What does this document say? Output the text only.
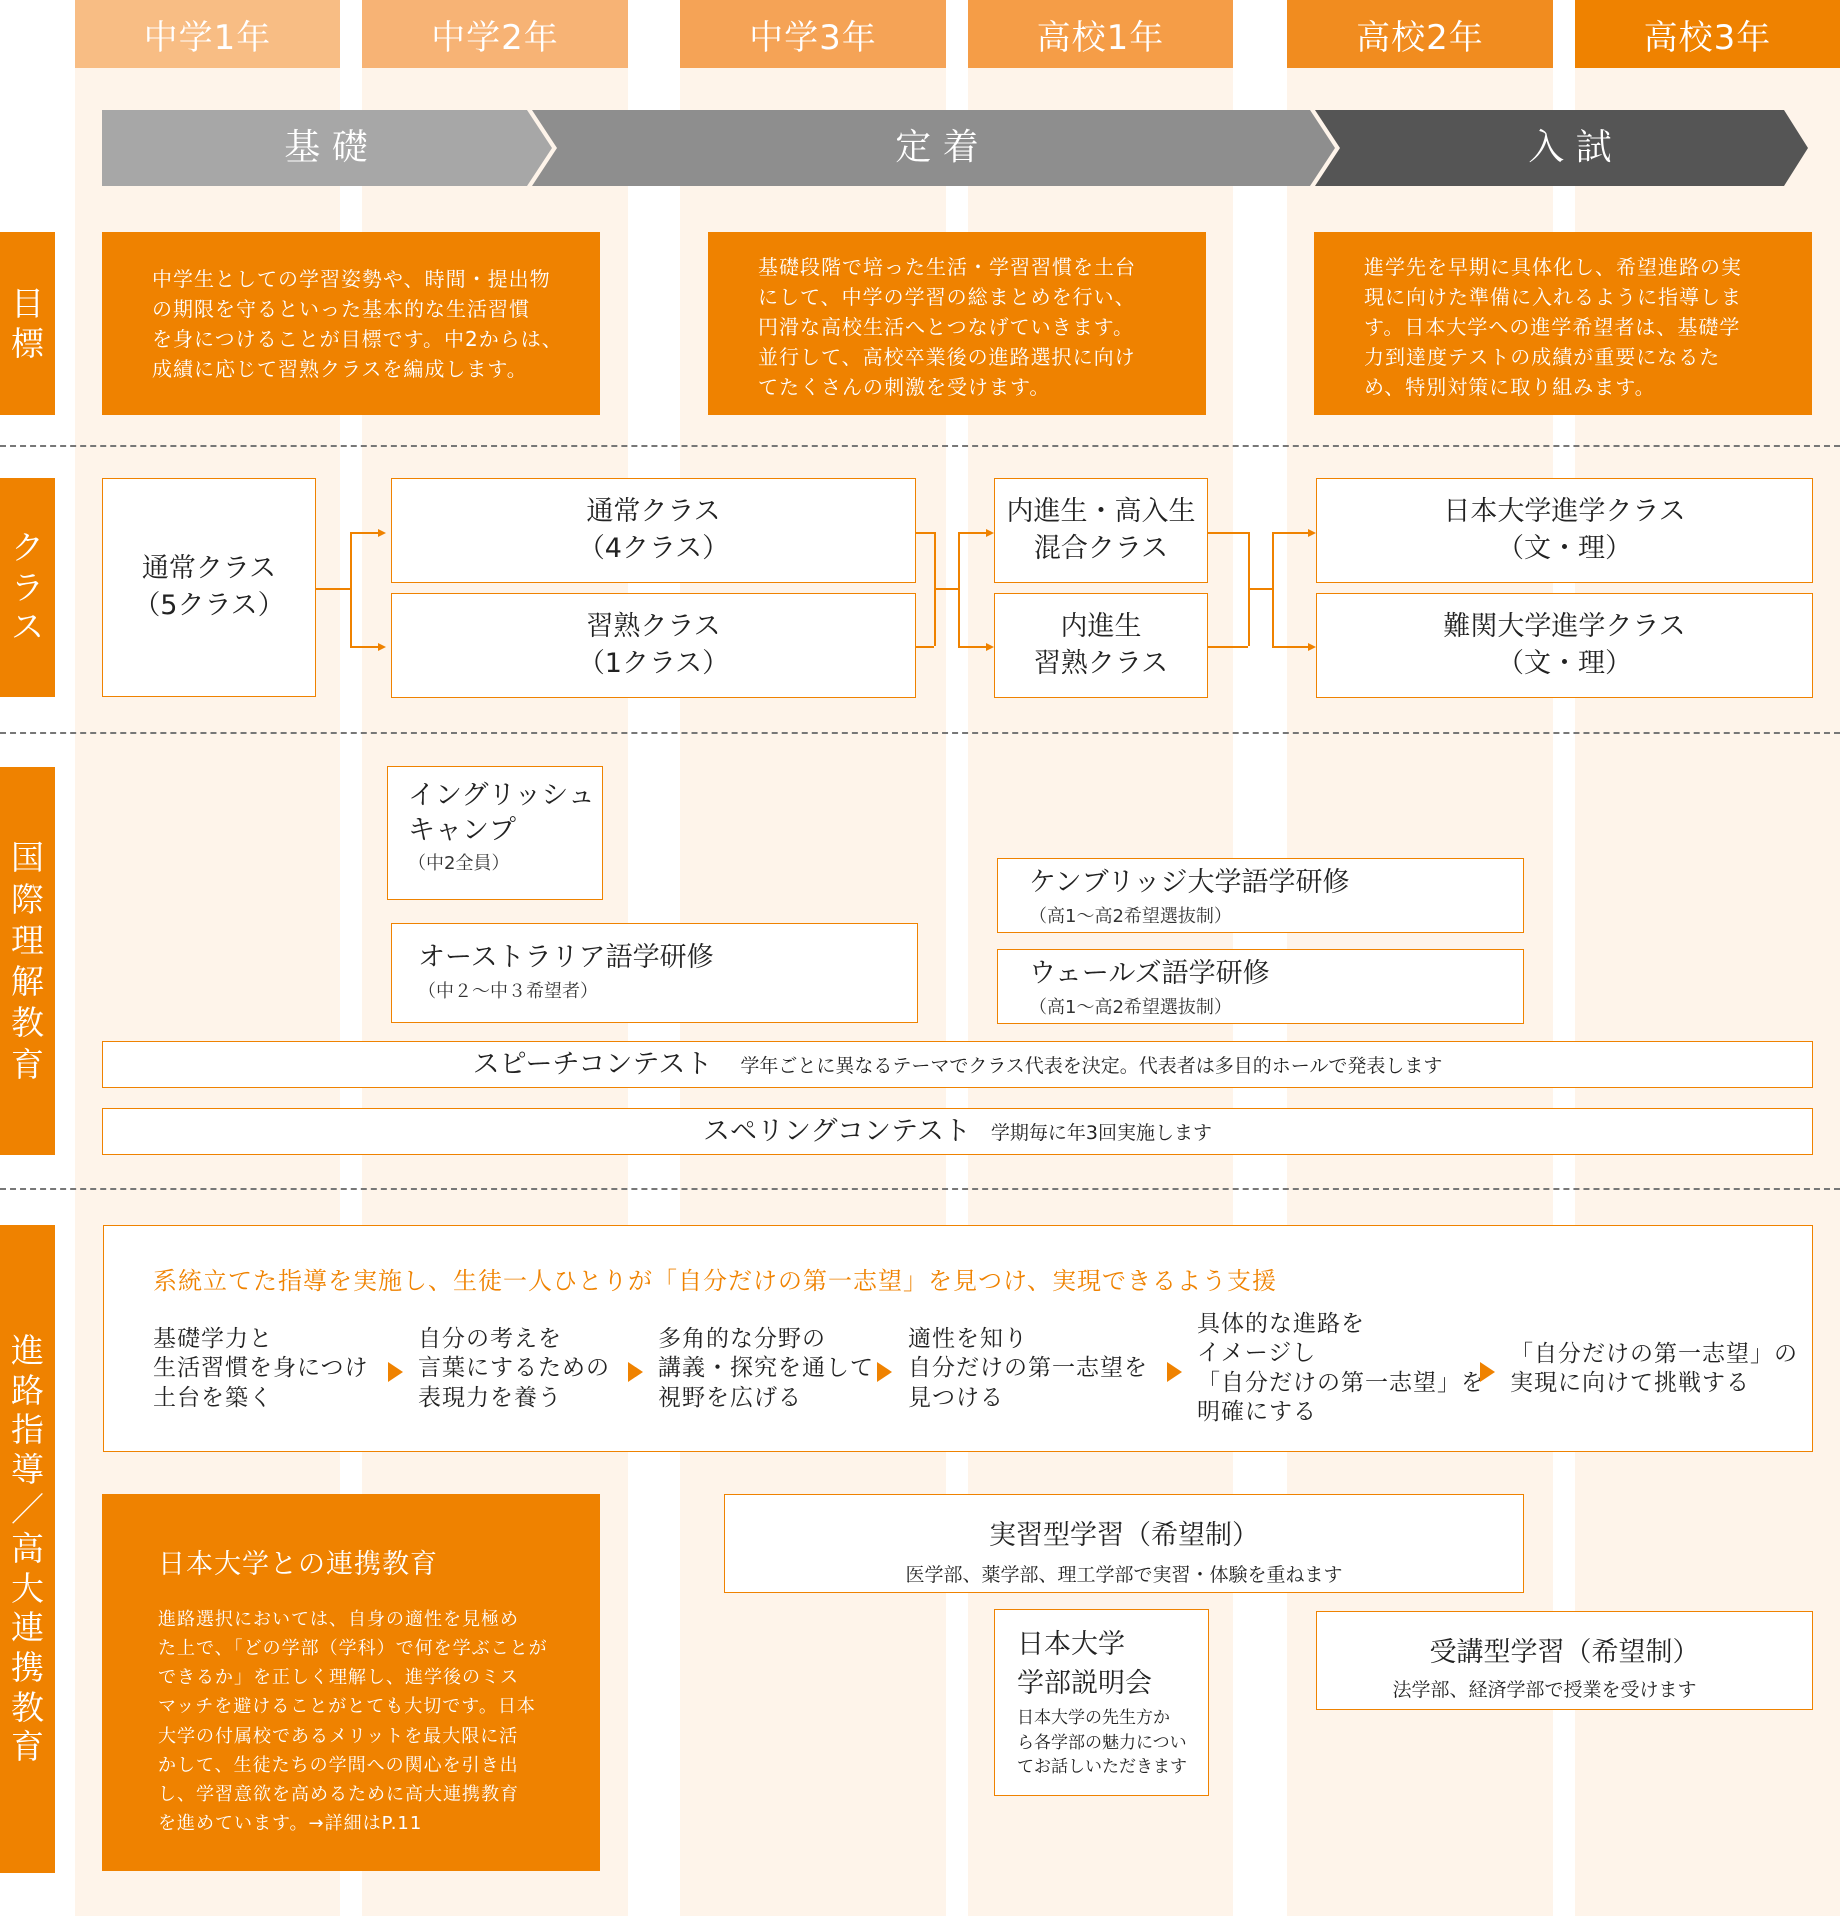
中学1年	中学2年	中学3年	高校1年	高校2年	高校3年
基 礎	定 着	入 試
目
標
ク
ラ
ス
国
際
理
解
教
育
進
路
指
導
／
高
大
連
携
教
育
中学生としての学習姿勢や、時間・提出物
の期限を守るといった基本的な生活習慣
を身につけることが目標です。中2からは、
成績に応じて習熟クラスを編成します。
基礎段階で培った生活・学習習慣を土台
にして、中学の学習の総まとめを行い、
円滑な高校生活へとつなげていきます。
並行して、高校卒業後の進路選択に向け
てたくさんの刺激を受けます。
進学先を早期に具体化し、希望進路の実
現に向けた準備に入れるように指導しま
す。日本大学への進学希望者は、基礎学
力到達度テストの成績が重要になるた
め、特別対策に取り組みます。
通常クラス
（5クラス）
通常クラス
（4クラス）
習熟クラス
（1クラス）
内進生・高入生
混合クラス
内進生
習熟クラス
日本大学進学クラス
（文・理）
難関大学進学クラス
（文・理）
イングリッシュ
キャンプ
（中2全員）
オーストラリア語学研修
（中２～中３希望者）
ケンブリッジ大学語学研修
（高1～高2希望選抜制）
ウェールズ語学研修
（高1～高2希望選抜制）
スピーチコンテスト 学年ごとに異なるテーマでクラス代表を決定。代表者は多目的ホールで発表します
スペリングコンテスト 学期毎に年3回実施します
系統立てた指導を実施し、生徒一人ひとりが「自分だけの第一志望」を見つけ、実現できるよう支援
基礎学力と
生活習慣を身につけ
土台を築く
自分の考えを
言葉にするための
表現力を養う
多角的な分野の
講義・探究を通して
視野を広げる
適性を知り
自分だけの第一志望を
見つける
具体的な進路を
イメージし
「自分だけの第一志望」を
明確にする
「自分だけの第一志望」の
実現に向けて挑戦する
日本大学との連携教育
進路選択においては、自身の適性を見極め
た上で、「どの学部（学科）で何を学ぶことが
できるか」を正しく理解し、進学後のミス
マッチを避けることがとても大切です。日本
大学の付属校であるメリットを最大限に活
かして、生徒たちの学問への関心を引き出
し、学習意欲を高めるために高大連携教育
を進めています。→詳細はP.11
実習型学習（希望制）
医学部、薬学部、理工学部で実習・体験を重ねます
日本大学
学部説明会
日本大学の先生方か
ら各学部の魅力につい
てお話しいただきます
受講型学習（希望制）
法学部、経済学部で授業を受けます
